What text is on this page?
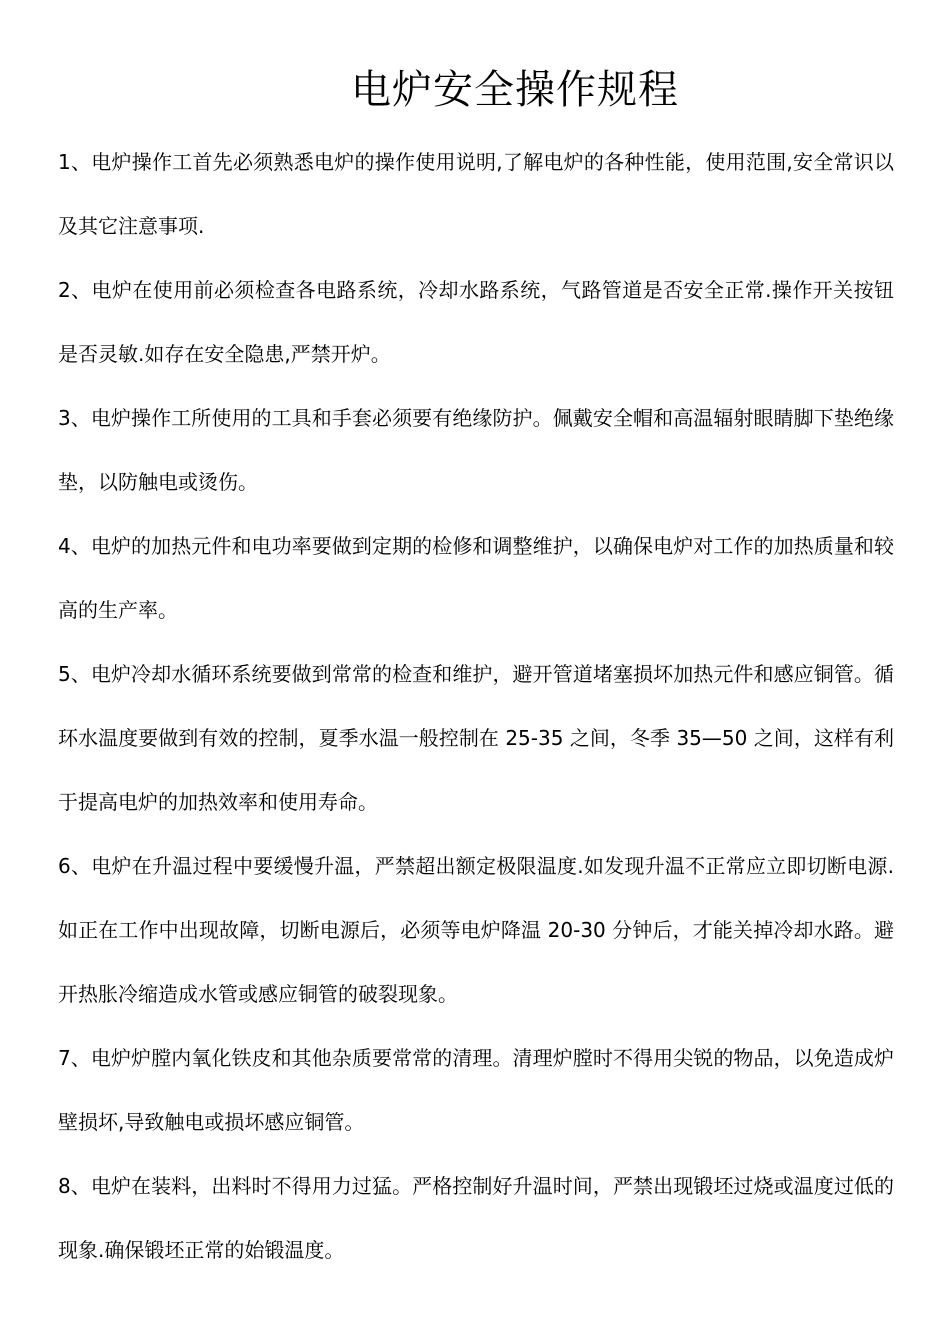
电炉安全操作规程

1、电炉操作工首先必须熟悉电炉的操作使用说明,了解电炉的各种性能，使用范围,安全常识以及其它注意事项.

2、电炉在使用前必须检查各电路系统，冷却水路系统，气路管道是否安全正常.操作开关按钮是否灵敏.如存在安全隐患,严禁开炉。

3、电炉操作工所使用的工具和手套必须要有绝缘防护。佩戴安全帽和高温辐射眼睛脚下垫绝缘垫，以防触电或烫伤。

4、电炉的加热元件和电功率要做到定期的检修和调整维护，以确保电炉对工作的加热质量和较高的生产率。

5、电炉冷却水循环系统要做到常常的检查和维护，避开管道堵塞损坏加热元件和感应铜管。循环水温度要做到有效的控制，夏季水温一般控制在 25-35 之间，冬季 35—50 之间，这样有利于提高电炉的加热效率和使用寿命。

6、电炉在升温过程中要缓慢升温，严禁超出额定极限温度.如发现升温不正常应立即切断电源.如正在工作中出现故障，切断电源后，必须等电炉降温 20-30 分钟后，才能关掉冷却水路。避开热胀冷缩造成水管或感应铜管的破裂现象。

7、电炉炉膛内氧化铁皮和其他杂质要常常的清理。清理炉膛时不得用尖锐的物品，以免造成炉壁损坏,导致触电或损坏感应铜管。

8、电炉在装料，出料时不得用力过猛。严格控制好升温时间，严禁出现锻坯过烧或温度过低的现象.确保锻坯正常的始锻温度。
